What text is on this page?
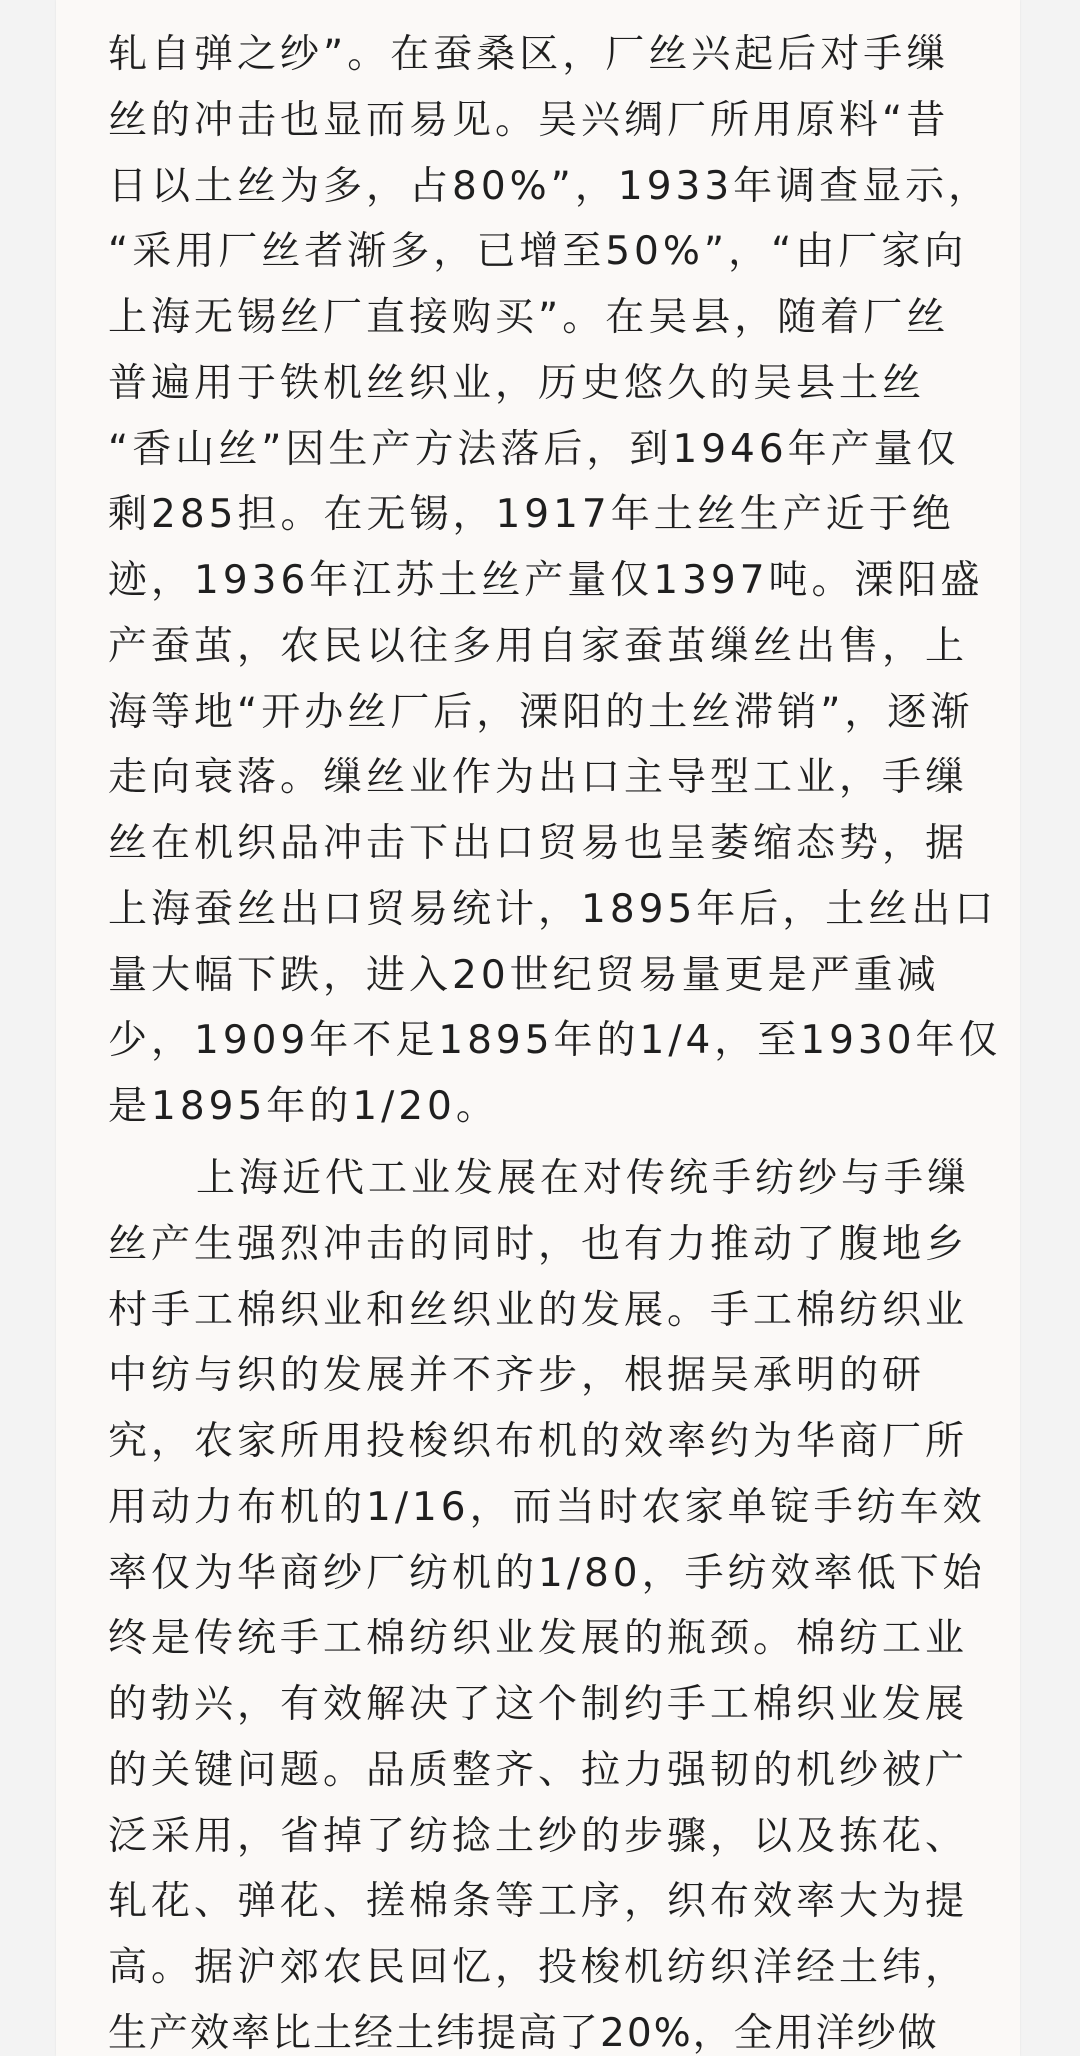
轧自弹之纱”。在蚕桑区，厂丝兴起后对手缫
丝的冲击也显而易见。吴兴绸厂所用原料“昔
日以土丝为多，占80%”，1933年调查显示，
“采用厂丝者渐多，已增至50%”，“由厂家向
上海无锡丝厂直接购买”。在吴县，随着厂丝
普遍用于铁机丝织业，历史悠久的吴县土丝
“香山丝”因生产方法落后，到1946年产量仅
剩285担。在无锡，1917年土丝生产近于绝
迹，1936年江苏土丝产量仅1397吨。溧阳盛
产蚕茧，农民以往多用自家蚕茧缫丝出售，上
海等地“开办丝厂后，溧阳的土丝滞销”，逐渐
走向衰落。缫丝业作为出口主导型工业，手缫
丝在机织品冲击下出口贸易也呈萎缩态势，据
上海蚕丝出口贸易统计，1895年后，土丝出口
量大幅下跌，进入20世纪贸易量更是严重减
少，1909年不足1895年的1/4，至1930年仅
是1895年的1/20。
上海近代工业发展在对传统手纺纱与手缫
丝产生强烈冲击的同时，也有力推动了腹地乡
村手工棉织业和丝织业的发展。手工棉纺织业
中纺与织的发展并不齐步，根据吴承明的研
究，农家所用投梭织布机的效率约为华商厂所
用动力布机的1/16，而当时农家单锭手纺车效
率仅为华商纱厂纺机的1/80，手纺效率低下始
终是传统手工棉纺织业发展的瓶颈。棉纺工业
的勃兴，有效解决了这个制约手工棉织业发展
的关键问题。品质整齐、拉力强韧的机纱被广
泛采用，省掉了纺捻土纱的步骤，以及拣花、
轧花、弹花、搓棉条等工序，织布效率大为提
高。据沪郊农民回忆，投梭机纺织洋经土纬，
生产效率比土经土纬提高了20%，全用洋纱做
